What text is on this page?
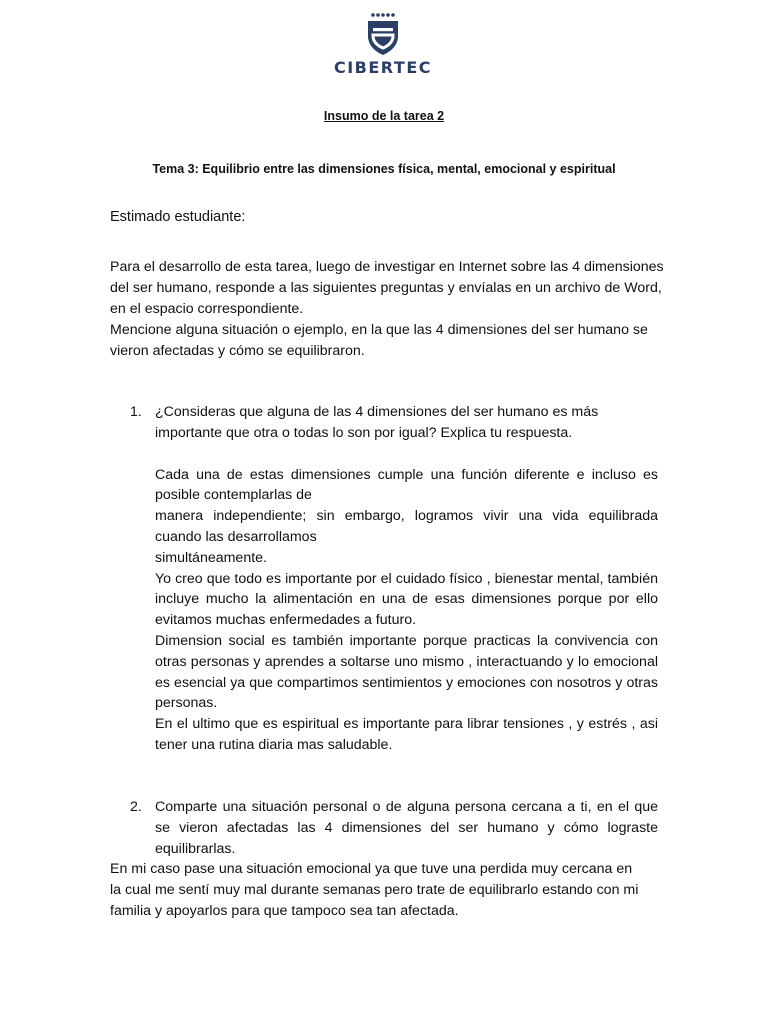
CIBERTEC
Insumo de la tarea 2
Tema 3: Equilibrio entre las dimensiones física, mental, emocional y espiritual
Estimado estudiante:

Para el desarrollo de esta tarea, luego de investigar en Internet sobre las 4 dimensiones del ser humano, responde a las siguientes preguntas y envíalas en un archivo de Word, en el espacio correspondiente.

Mencione alguna situación o ejemplo, en la que las 4 dimensiones del ser humano se vieron afectadas y cómo se equilibraron.

1. ¿Consideras que alguna de las 4 dimensiones del ser humano es más importante que otra o todas lo son por igual? Explica tu respuesta.

Cada una de estas dimensiones cumple una función diferente e incluso es posible contemplarlas de

manera independiente; sin embargo, logramos vivir una vida equilibrada cuando las desarrollamos

simultáneamente.

Yo creo que todo es importante por el cuidado físico , bienestar mental, también incluye mucho la alimentación en una de esas dimensiones porque por ello evitamos muchas enfermedades a futuro.

Dimension social es también importante porque practicas la convivencia con otras personas y aprendes a soltarse uno mismo , interactuando y lo emocional es esencial ya que compartimos sentimientos y emociones con nosotros y otras personas.

En el ultimo que es espiritual es importante para librar tensiones , y estrés , asi tener una rutina diaria mas saludable.

2. Comparte una situación personal o de alguna persona cercana a ti, en el que se vieron afectadas las 4 dimensiones del ser humano y cómo lograste equilibrarlas.

En mi caso pase una situación emocional ya que tuve una perdida muy cercana en la cual me sentí muy mal durante semanas pero trate de equilibrarlo estando con mi familia y apoyarlos para que tampoco sea tan afectada.
